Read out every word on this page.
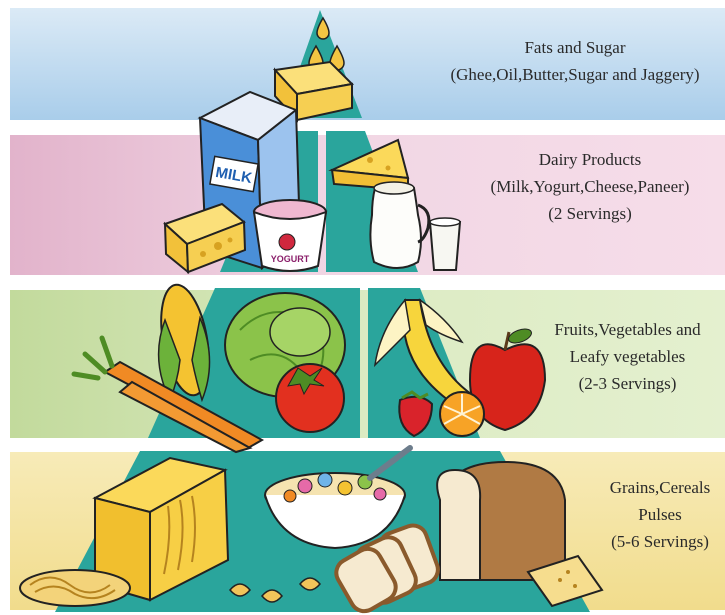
MILK
YOGURT
Fats and Sugar
(Ghee,Oil,Butter,Sugar and Jaggery)
Dairy Products
(Milk,Yogurt,Cheese,Paneer)
(2 Servings)
Fruits,Vegetables and
Leafy vegetables
(2-3 Servings)
Grains,Cereals
Pulses
(5-6 Servings)
